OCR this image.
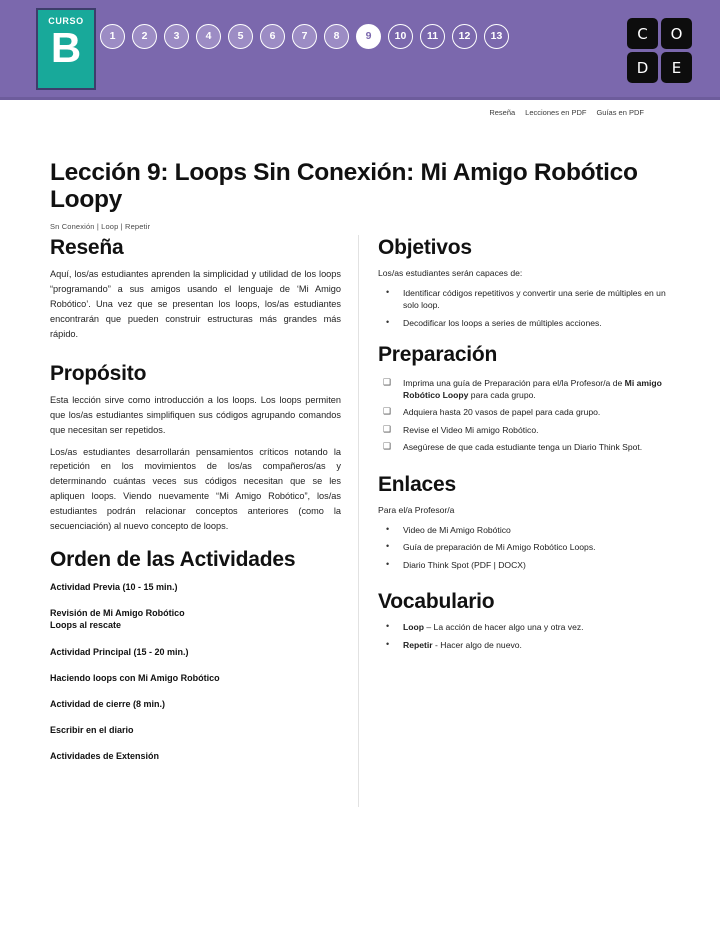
CURSO
B	1	2	3	4	5	6	7	8	9	10	11	12	13	C	O
D	E
Reseña Lecciones en PDF Guías en PDF
Lección 9: Loops Sin Conexión: Mi Amigo Robótico Loopy
Sn Conexión | Loop | Repetir
Reseña

Aquí, los/as estudiantes aprenden la simplicidad y utilidad de los loops “programando” a sus amigos usando el lenguaje de ‘Mi Amigo Robótico’. Una vez que se presentan los loops, los/as estudiantes encontrarán que pueden construir estructuras más grandes más rápido.

Propósito

Esta lección sirve como introducción a los loops. Los loops permiten que los/as estudiantes simplifiquen sus códigos agrupando comandos que necesitan ser repetidos.

Los/as estudiantes desarrollarán pensamientos críticos notando la repetición en los movimientos de los/as compañeros/as y determinando cuántas veces sus códigos necesitan que se les apliquen loops. Viendo nuevamente “Mi Amigo Robótico”, los/as estudiantes podrán relacionar conceptos anteriores (como la secuenciación) al nuevo concepto de loops.

Orden de las Actividades
Actividad Previa (10 - 15 min.)
Revisión de Mi Amigo Robótico
Loops al rescate
Actividad Principal (15 - 20 min.)
Haciendo loops con Mi Amigo Robótico
Actividad de cierre (8 min.)
Escribir en el diario
Actividades de Extensión
Objetivos

Los/as estudiantes serán capaces de:

• Identificar códigos repetitivos y convertir una serie de múltiples en un solo loop.
• Decodificar los loops a series de múltiples acciones.
Preparación
❑ Imprima una guía de Preparación para el/la Profesor/a de Mi amigo Robótico Loopy para cada grupo.
❑ Adquiera hasta 20 vasos de papel para cada grupo.
❑ Revise el Video Mi amigo Robótico.
❑ Asegúrese de que cada estudiante tenga un Diario Think Spot.
Enlaces

Para el/a Profesor/a

• Video de Mi Amigo Robótico
• Guía de preparación de Mi Amigo Robótico Loops.
• Diario Think Spot (PDF | DOCX)
Vocabulario
• Loop – La acción de hacer algo una y otra vez.
• Repetir - Hacer algo de nuevo.
